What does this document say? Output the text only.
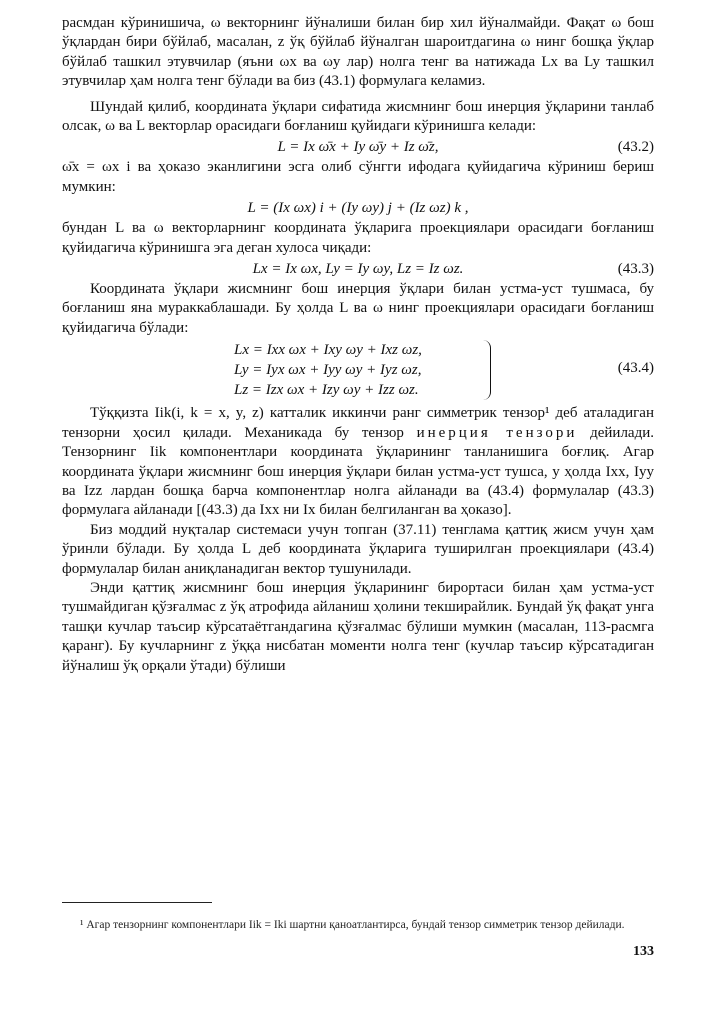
расмдан кўринишича, ω векторнинг йўналиши билан бир хил йўналмайди. Фақат ω бош ўқлардан бири бўйлаб, масалан, z ўқ бўйлаб йўналган шароитдагина ω нинг бошқа ўқлар бўйлаб ташкил этувчилар (яъни ωx ва ωy лар) нолга тенг ва натижада Lx ва Ly ташкил этувчилар ҳам нолга тенг бўлади ва биз (43.1) формулага келамиз.

Шундай қилиб, координата ўқлари сифатида жисмнинг бош инерция ўқларини танлаб олсак, ω ва L векторлар орасидаги боғланиш қуйидаги кўринишга келади:

L = Ix ω̄x + Iy ω̄y + Iz ω̄z,	(43.2)

ω̄x = ωx i ва ҳоказо эканлигини эсга олиб сўнгги ифодага қуйидагича кўриниш бериш мумкин:

L = (Ix ωx) i + (Iy ωy) j + (Iz ωz) k ,

бундан L ва ω векторларнинг координата ўқларига проекциялари орасидаги боғланиш қуйидагича кўринишга эга деган хулоса чиқади:

Lx = Ix ωx, Ly = Iy ωy, Lz = Iz ωz.	(43.3)

Координата ўқлари жисмнинг бош инерция ўқлари билан устма-уст тушмаса, бу боғланиш яна мураккаблашади. Бу ҳолда L ва ω нинг проекциялари орасидаги боғланиш қуйидагича бўлади:

Lx = Ixx ωx + Ixy ωy + Ixz ωz,
Ly = Iyx ωx + Iyy ωy + Iyz ωz,
Lz = Izx ωx + Izy ωy + Izz ωz.
(43.4)

Тўққизта Iik(i, k = x, y, z) катталик иккинчи ранг симметрик тензор¹ деб аталадиган тензорни ҳосил қилади. Механикада бу тензор инерция тензори дейилади. Тензорнинг Iik компонентлари координата ўқларининг танланишига боғлиқ. Агар координата ўқлари жисмнинг бош инерция ўқлари билан устма-уст тушса, у ҳолда Ixx, Iyy ва Izz лардан бошқа барча компонентлар нолга айланади ва (43.4) формулалар (43.3) формулага айланади [(43.3) да Ixx ни Ix билан белгиланган ва ҳоказо].

Биз моддий нуқталар системаси учун топган (37.11) тенглама қаттиқ жисм учун ҳам ўринли бўлади. Бу ҳолда L деб координата ўқларига туширилган проекциялари (43.4) формулалар билан аниқланадиган вектор тушунилади.

Энди қаттиқ жисмнинг бош инерция ўқларининг бирортаси билан ҳам устма-уст тушмайдиган қўзғалмас z ўқ атрофида айланиш ҳолини текширайлик. Бундай ўқ фақат унга ташқи кучлар таъсир кўрсатаётгандагина қўзғалмас бўлиши мумкин (масалан, 113-расмга қаранг). Бу кучларнинг z ўққа нисбатан моменти нолга тенг (кучлар таъсир кўрсатадиган йўналиш ўқ орқали ўтади) бўлиши

¹ Агар тензорнинг компонентлари Iik = Iki шартни қаноатлантирса, бундай тензор симметрик тензор дейилади.

133
